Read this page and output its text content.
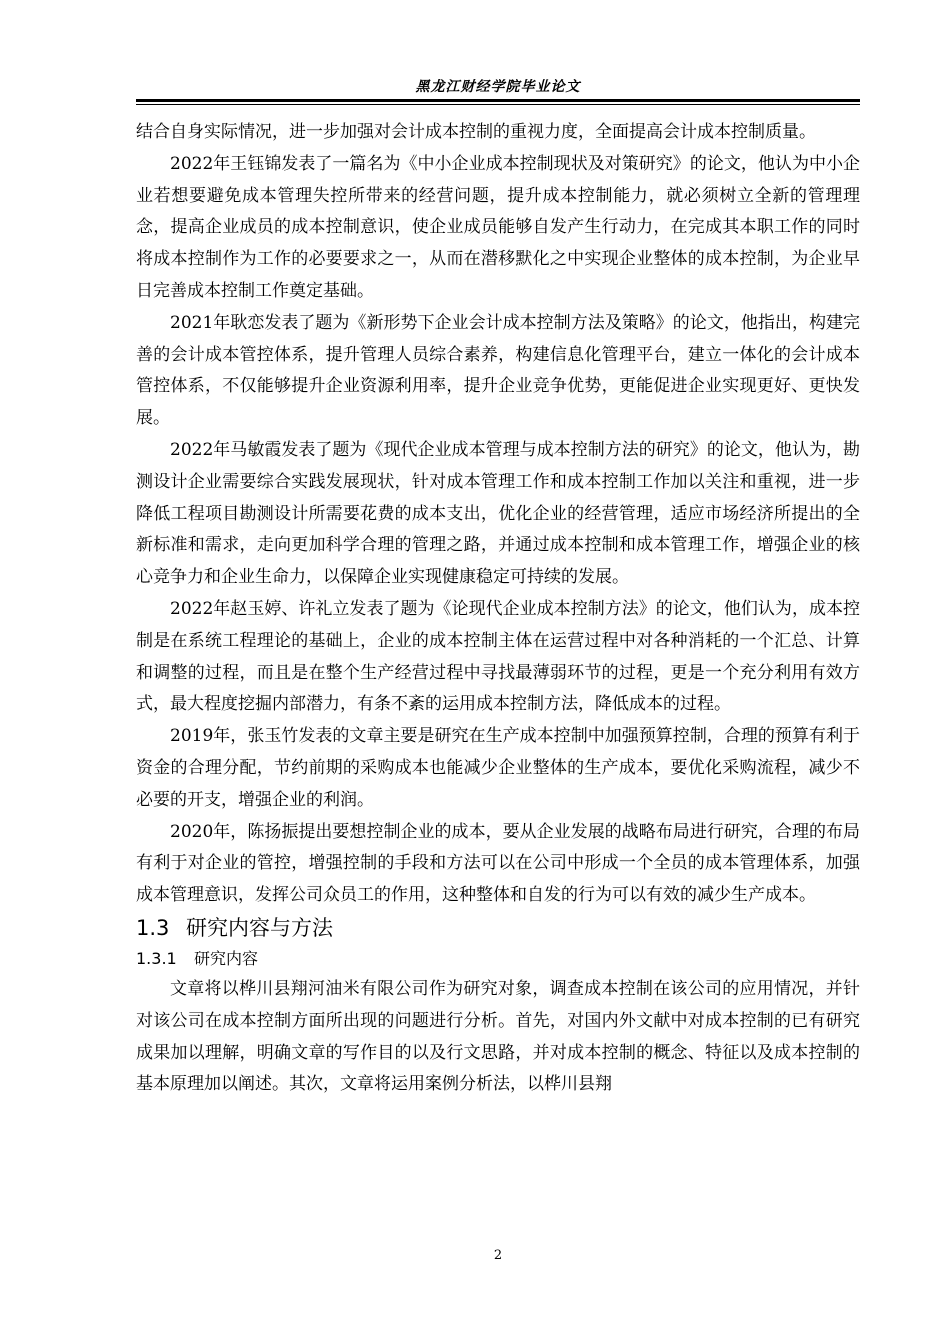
黑龙江财经学院毕业论文

结合自身实际情况，进一步加强对会计成本控制的重视力度，全面提高会计成本控制质量。

2022年王钰锦发表了一篇名为《中小企业成本控制现状及对策研究》的论文，他认为中小企业若想要避免成本管理失控所带来的经营问题，提升成本控制能力，就必须树立全新的管理理念，提高企业成员的成本控制意识，使企业成员能够自发产生行动力，在完成其本职工作的同时将成本控制作为工作的必要要求之一，从而在潜移默化之中实现企业整体的成本控制，为企业早日完善成本控制工作奠定基础。

2021年耿恋发表了题为《新形势下企业会计成本控制方法及策略》的论文，他指出，构建完善的会计成本管控体系，提升管理人员综合素养，构建信息化管理平台，建立一体化的会计成本管控体系，不仅能够提升企业资源利用率，提升企业竞争优势，更能促进企业实现更好、更快发展。

2022年马敏霞发表了题为《现代企业成本管理与成本控制方法的研究》的论文，他认为，勘测设计企业需要综合实践发展现状，针对成本管理工作和成本控制工作加以关注和重视，进一步降低工程项目勘测设计所需要花费的成本支出，优化企业的经营管理，适应市场经济所提出的全新标准和需求，走向更加科学合理的管理之路，并通过成本控制和成本管理工作，增强企业的核心竞争力和企业生命力，以保障企业实现健康稳定可持续的发展。

2022年赵玉婷、许礼立发表了题为《论现代企业成本控制方法》的论文，他们认为，成本控制是在系统工程理论的基础上，企业的成本控制主体在运营过程中对各种消耗的一个汇总、计算和调整的过程，而且是在整个生产经营过程中寻找最薄弱环节的过程，更是一个充分利用有效方式，最大程度挖掘内部潜力，有条不紊的运用成本控制方法，降低成本的过程。

2019年，张玉竹发表的文章主要是研究在生产成本控制中加强预算控制，合理的预算有利于资金的合理分配，节约前期的采购成本也能减少企业整体的生产成本，要优化采购流程，减少不必要的开支，增强企业的利润。

2020年，陈扬振提出要想控制企业的成本，要从企业发展的战略布局进行研究，合理的布局有利于对企业的管控，增强控制的手段和方法可以在公司中形成一个全员的成本管理体系，加强成本管理意识，发挥公司众员工的作用，这种整体和自发的行为可以有效的减少生产成本。

1.3 研究内容与方法
1.3.1 研究内容

文章将以桦川县翔河油米有限公司作为研究对象，调查成本控制在该公司的应用情况，并针对该公司在成本控制方面所出现的问题进行分析。首先，对国内外文献中对成本控制的已有研究成果加以理解，明确文章的写作目的以及行文思路，并对成本控制的概念、特征以及成本控制的基本原理加以阐述。其次，文章将运用案例分析法，以桦川县翔

2
